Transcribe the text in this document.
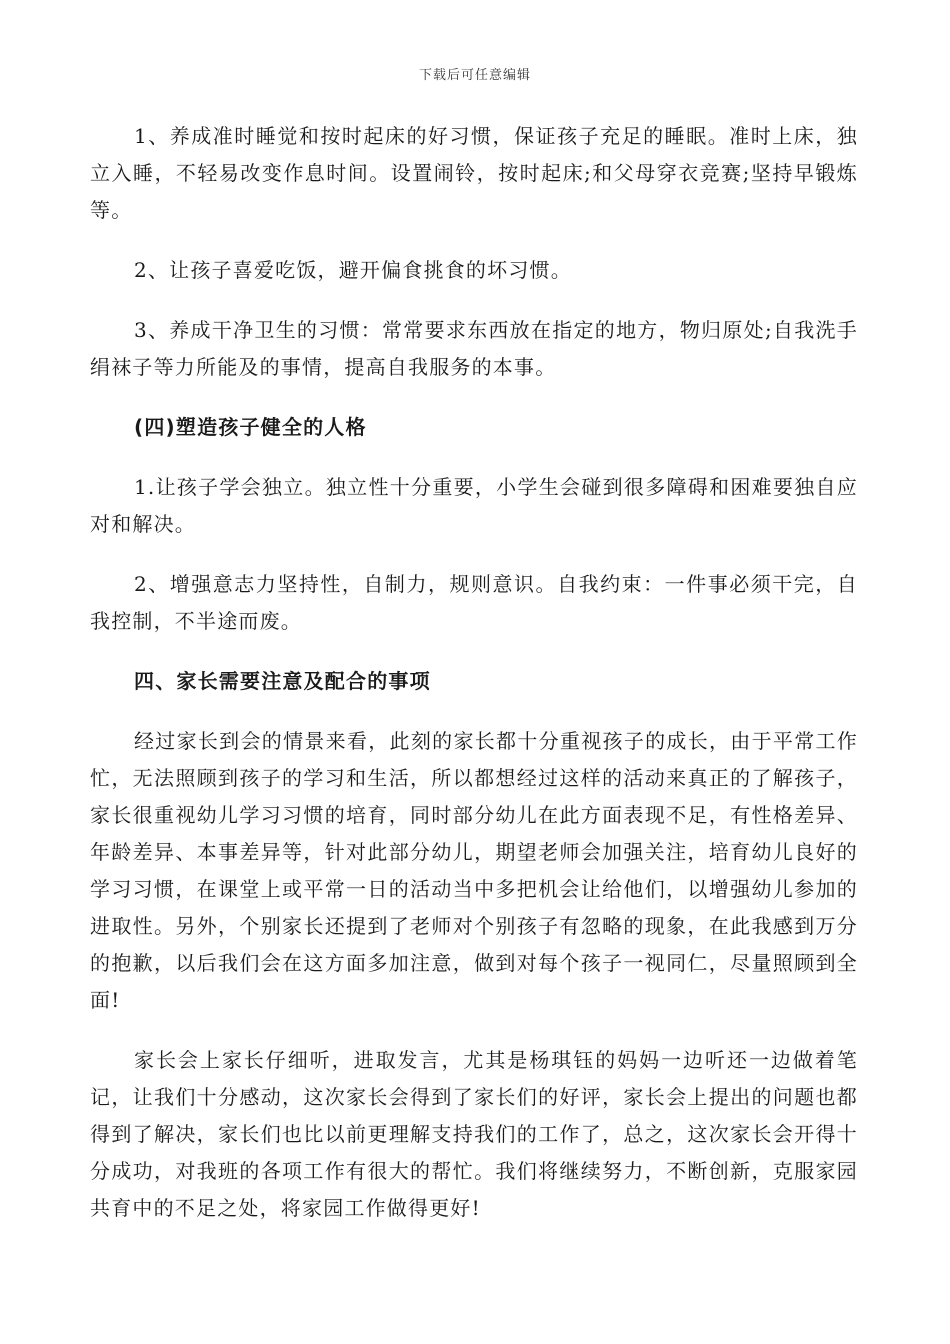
下载后可任意编辑

1、养成准时睡觉和按时起床的好习惯，保证孩子充足的睡眠。准时上床，独立入睡，不轻易改变作息时间。设置闹铃，按时起床;和父母穿衣竞赛;坚持早锻炼等。

2、让孩子喜爱吃饭，避开偏食挑食的坏习惯。

3、养成干净卫生的习惯：常常要求东西放在指定的地方，物归原处;自我洗手绢袜子等力所能及的事情，提高自我服务的本事。

(四)塑造孩子健全的人格

1.让孩子学会独立。独立性十分重要，小学生会碰到很多障碍和困难要独自应对和解决。

2、增强意志力坚持性，自制力，规则意识。自我约束：一件事必须干完，自我控制，不半途而废。

四、家长需要注意及配合的事项

经过家长到会的情景来看，此刻的家长都十分重视孩子的成长，由于平常工作忙，无法照顾到孩子的学习和生活，所以都想经过这样的活动来真正的了解孩子，家长很重视幼儿学习习惯的培育，同时部分幼儿在此方面表现不足，有性格差异、年龄差异、本事差异等，针对此部分幼儿，期望老师会加强关注，培育幼儿良好的学习习惯，在课堂上或平常一日的活动当中多把机会让给他们，以增强幼儿参加的进取性。另外，个别家长还提到了老师对个别孩子有忽略的现象，在此我感到万分的抱歉，以后我们会在这方面多加注意，做到对每个孩子一视同仁，尽量照顾到全面!

家长会上家长仔细听，进取发言，尤其是杨琪钰的妈妈一边听还一边做着笔记，让我们十分感动，这次家长会得到了家长们的好评，家长会上提出的问题也都得到了解决，家长们也比以前更理解支持我们的工作了，总之，这次家长会开得十分成功，对我班的各项工作有很大的帮忙。我们将继续努力，不断创新，克服家园共育中的不足之处，将家园工作做得更好!
